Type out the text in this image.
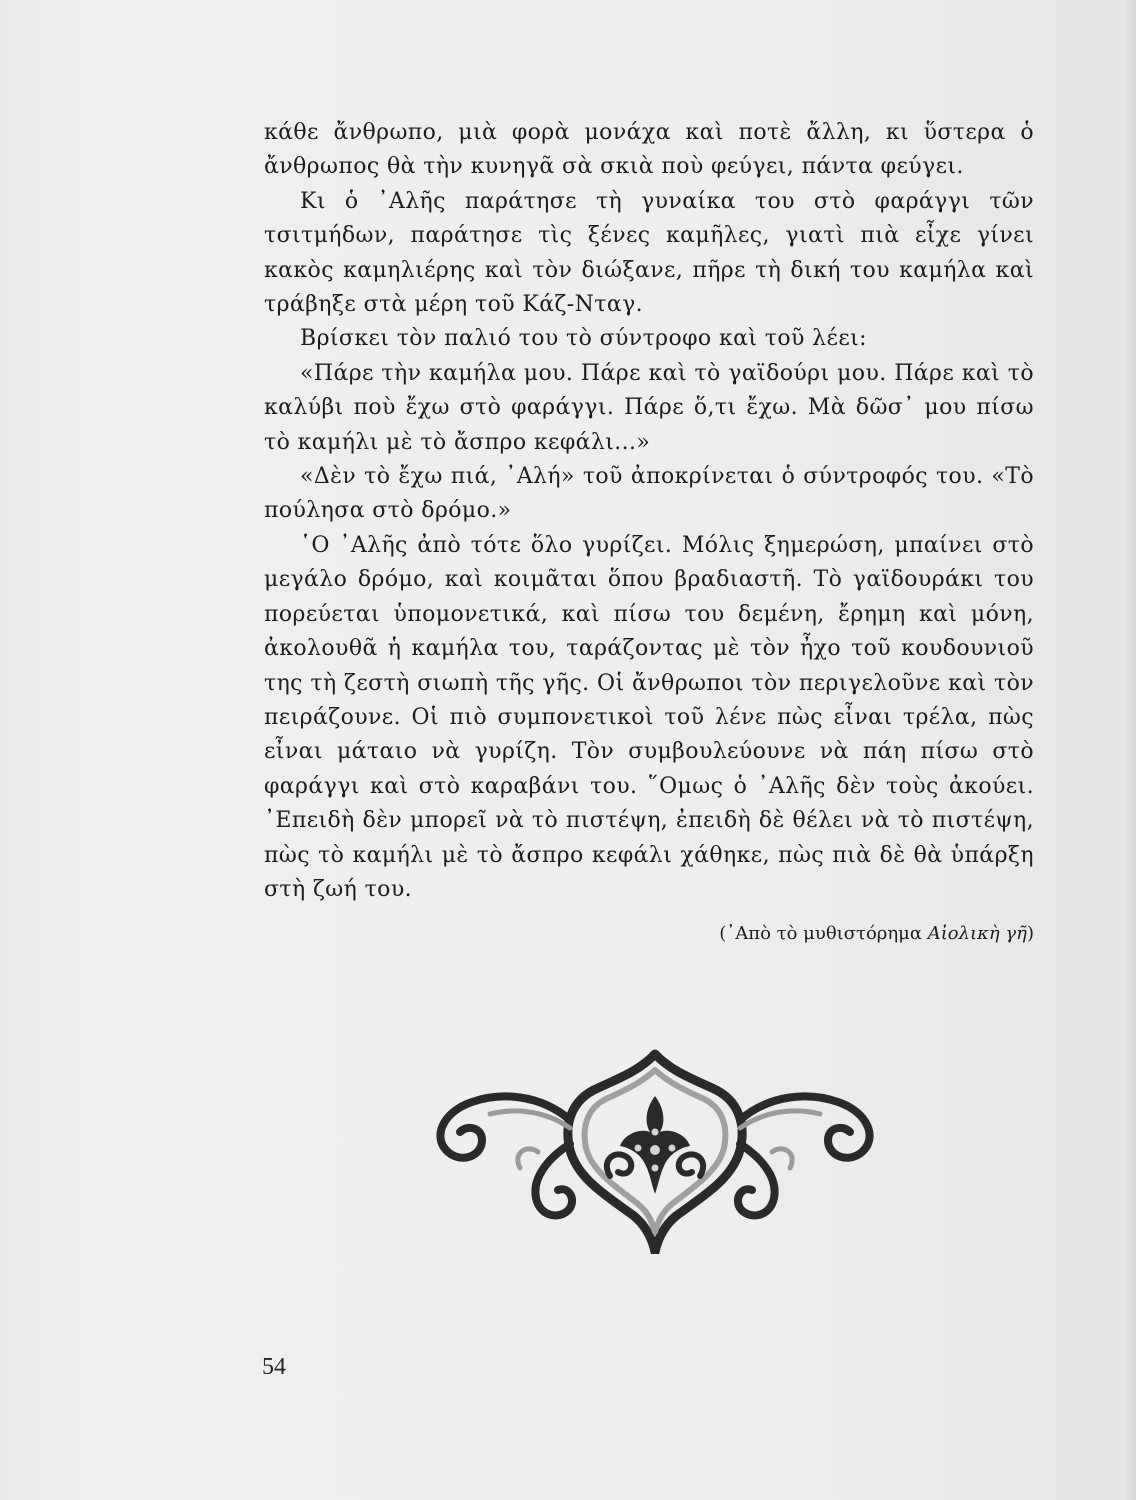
κάθε ἄνθρωπο, μιὰ φορὰ μονάχα καὶ ποτὲ ἄλλη, κι ὕστερα ὁ ἄνθρωπος θὰ τὴν κυνηγᾶ σὰ σκιὰ ποὺ φεύγει, πάντα φεύγει.

Κι ὁ ᾿Αλῆς παράτησε τὴ γυναίκα του στὸ φαράγγι τῶν τσιτμήδων, παράτησε τὶς ξένες καμῆλες, γιατὶ πιὰ εἶχε γίνει κακὸς καμηλιέρης καὶ τὸν διώξανε, πῆρε τὴ δική του καμήλα καὶ τράβηξε στὰ μέρη τοῦ Κάζ-Νταγ.

Βρίσκει τὸν παλιό του τὸ σύντροφο καὶ τοῦ λέει:

«Πάρε τὴν καμήλα μου. Πάρε καὶ τὸ γαϊδούρι μου. Πάρε καὶ τὸ καλύβι ποὺ ἔχω στὸ φαράγγι. Πάρε ὅ,τι ἔχω. Μὰ δῶσ᾿ μου πίσω τὸ καμήλι μὲ τὸ ἄσπρο κεφάλι...»

«Δὲν τὸ ἔχω πιά, ᾿Αλή» τοῦ ἀποκρίνεται ὁ σύντροφός του. «Τὸ πούλησα στὸ δρόμο.»

῾Ο ᾿Αλῆς ἀπὸ τότε ὅλο γυρίζει. Μόλις ξημερώση, μπαίνει στὸ μεγάλο δρόμο, καὶ κοιμᾶται ὅπου βραδιαστῆ. Τὸ γαϊδουράκι του πορεύεται ὑπομονετικά, καὶ πίσω του δεμένη, ἔρημη καὶ μόνη, ἀκολουθᾶ ἡ καμήλα του, ταράζοντας μὲ τὸν ἦχο τοῦ κουδουνιοῦ της τὴ ζεστὴ σιωπὴ τῆς γῆς. Οἱ ἄνθρωποι τὸν περιγελοῦνε καὶ τὸν πειράζουνε. Οἱ πιὸ συμπονετικοὶ τοῦ λένε πὼς εἶναι τρέλα, πὼς εἶναι μάταιο νὰ γυρίζη. Τὸν συμβουλεύουνε νὰ πάη πίσω στὸ φαράγγι καὶ στὸ καραβάνι του. ῞Ομως ὁ ᾿Αλῆς δὲν τοὺς ἀκούει. ᾿Επειδὴ δὲν μπορεῖ νὰ τὸ πιστέψη, ἐπειδὴ δὲ θέλει νὰ τὸ πιστέψη, πὼς τὸ καμήλι μὲ τὸ ἄσπρο κεφάλι χάθηκε, πὼς πιὰ δὲ θὰ ὑπάρξη στὴ ζωή του.

(᾿Απὸ τὸ μυθιστόρημα Αἰολικὴ γῆ)
54
